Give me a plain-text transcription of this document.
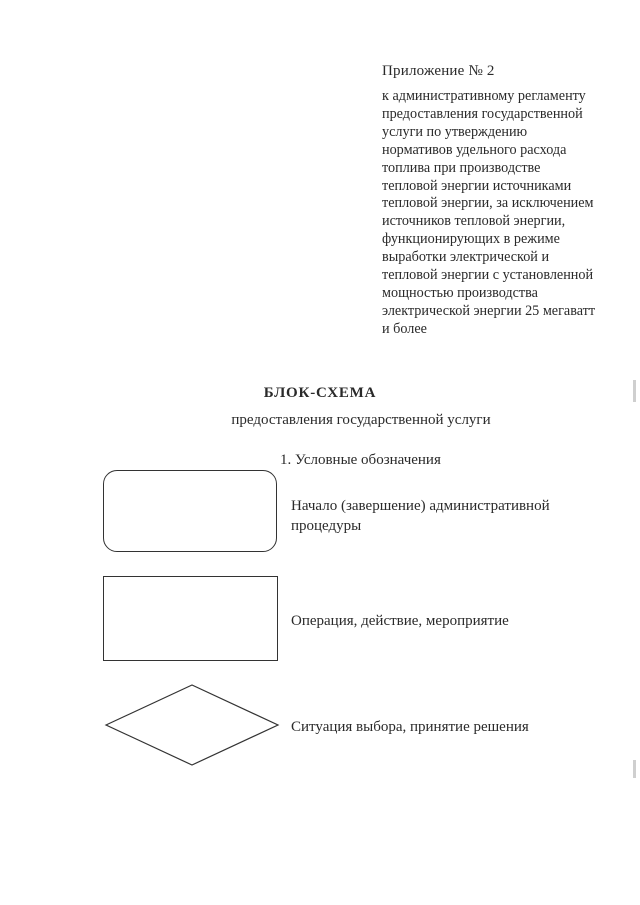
Приложение № 2
к административному регламенту
предоставления государственной
услуги по утверждению
нормативов удельного расхода
топлива при производстве
тепловой энергии источниками
тепловой энергии, за исключением
источников тепловой энергии,
функционирующих в режиме
выработки электрической и
тепловой энергии с установленной
мощностью производства
электрической энергии 25 мегаватт
и более
БЛОК-СХЕМА
предоставления государственной услуги
1. Условные обозначения
Начало (завершение) административной процедуры
Операция, действие, мероприятие
Ситуация выбора, принятие решения
